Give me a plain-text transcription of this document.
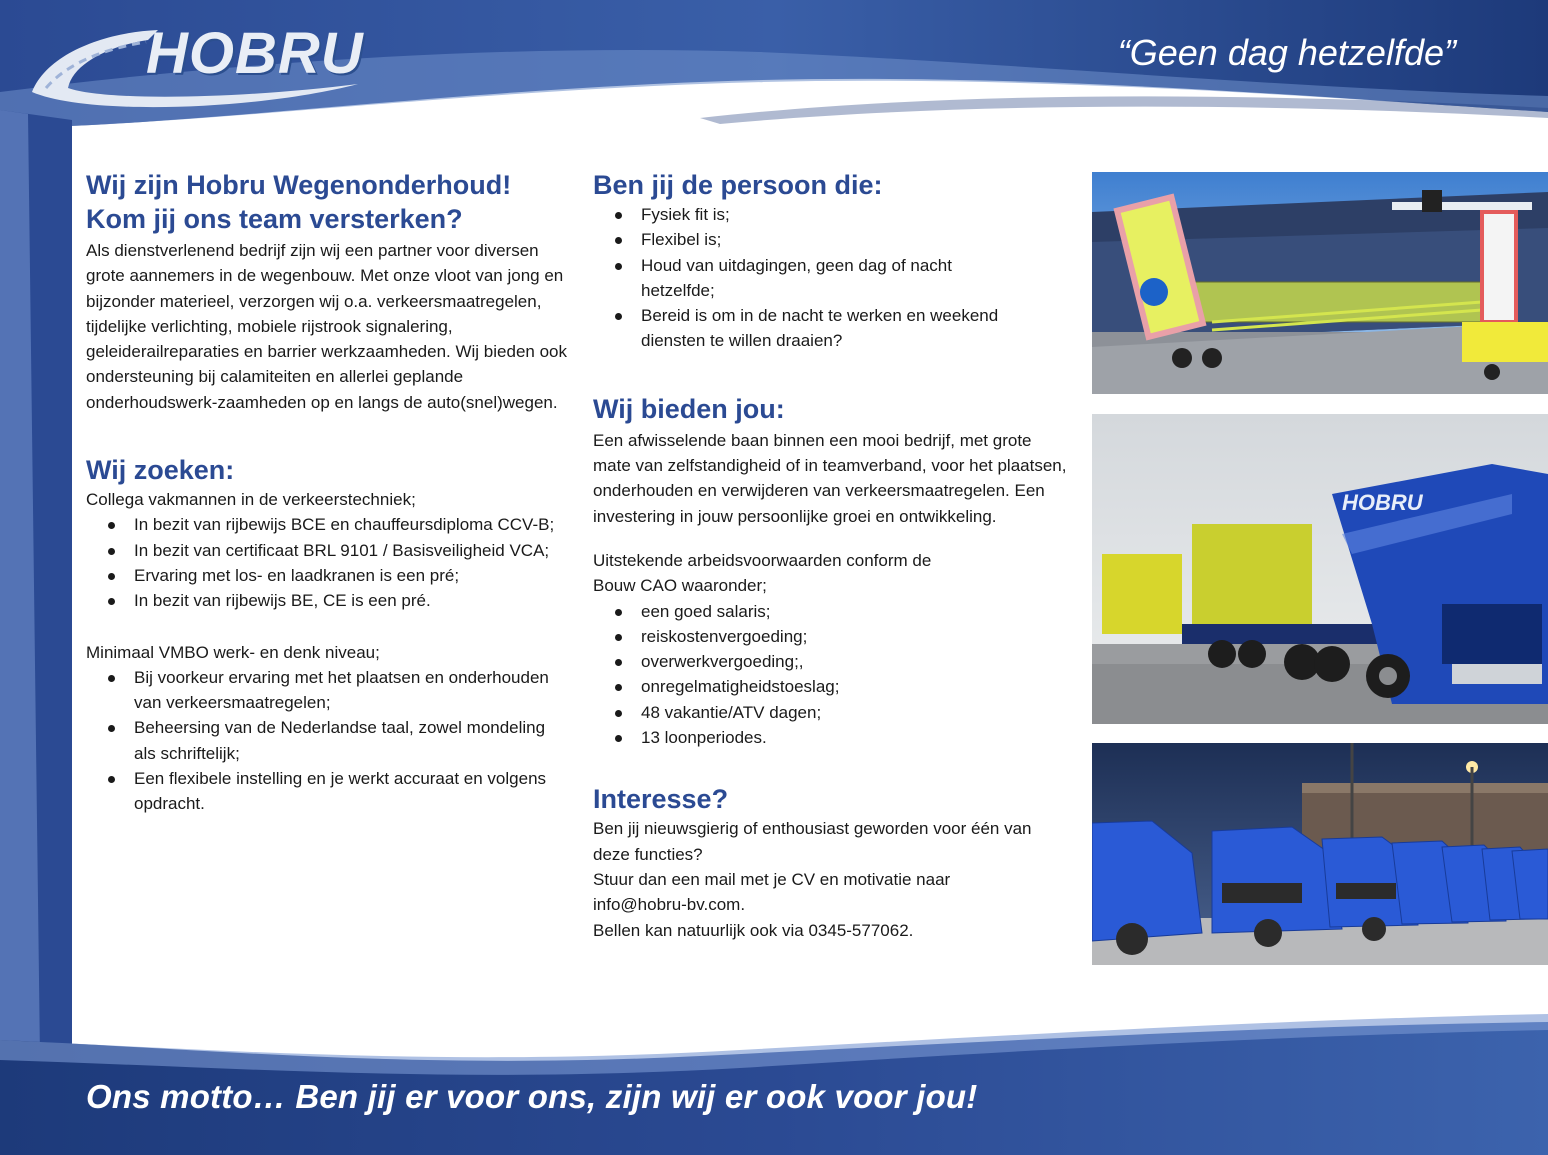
HOBRU	“Geen dag hetzelfde”
Wij zijn Hobru Wegenonderhoud!
Kom jij ons team versterken?

Als dienstverlenend bedrijf zijn wij een partner voor diversen grote aannemers in de wegenbouw. Met onze vloot van jong en bijzonder materieel, verzorgen wij o.a. verkeersmaatregelen, tijdelijke verlichting, mobiele rijstrook signalering, geleiderailreparaties en barrier werkzaamheden. Wij bieden ook ondersteuning bij calamiteiten en allerlei geplande onderhoudswerk-zaamheden op en langs de auto(snel)wegen.

Wij zoeken:

Collega vakmannen in de verkeerstechniek;

In bezit van rijbewijs BCE en chauffeursdiploma CCV-B;
In bezit van certificaat BRL 9101 / Basisveiligheid VCA;
Ervaring met los- en laadkranen is een pré;
In bezit van rijbewijs BE, CE is een pré.

Minimaal VMBO werk- en denk niveau;

Bij voorkeur ervaring met het plaatsen en onderhouden van verkeersmaatregelen;
Beheersing van de Nederlandse taal, zowel mondeling als schriftelijk;
Een flexibele instelling en je werkt accuraat en volgens opdracht.
Ben jij de persoon die:
Fysiek fit is;
Flexibel is;
Houd van uitdagingen, geen dag of nacht hetzelfde;
Bereid is om in de nacht te werken en weekend diensten te willen draaien?
Wij bieden jou:

Een afwisselende baan binnen een mooi bedrijf, met grote mate van zelfstandigheid of in teamverband, voor het plaatsen, onderhouden en verwijderen van verkeersmaatregelen. Een investering in jouw persoonlijke groei en ontwikkeling.

Uitstekende arbeidsvoorwaarden conform de Bouw CAO waaronder;

een goed salaris;
reiskostenvergoeding;
overwerkvergoeding;,
onregelmatigheidstoeslag;
48 vakantie/ATV dagen;
13 loonperiodes.
Interesse?

Ben jij nieuwsgierig of enthousiast geworden voor één van deze functies?

Stuur dan een mail met je CV en motivatie naar info@hobru-bv.com.

Bellen kan natuurlijk ook via 0345-577062.

HOBRU
Ons motto… Ben jij er voor ons, zijn wij er ook voor jou!
